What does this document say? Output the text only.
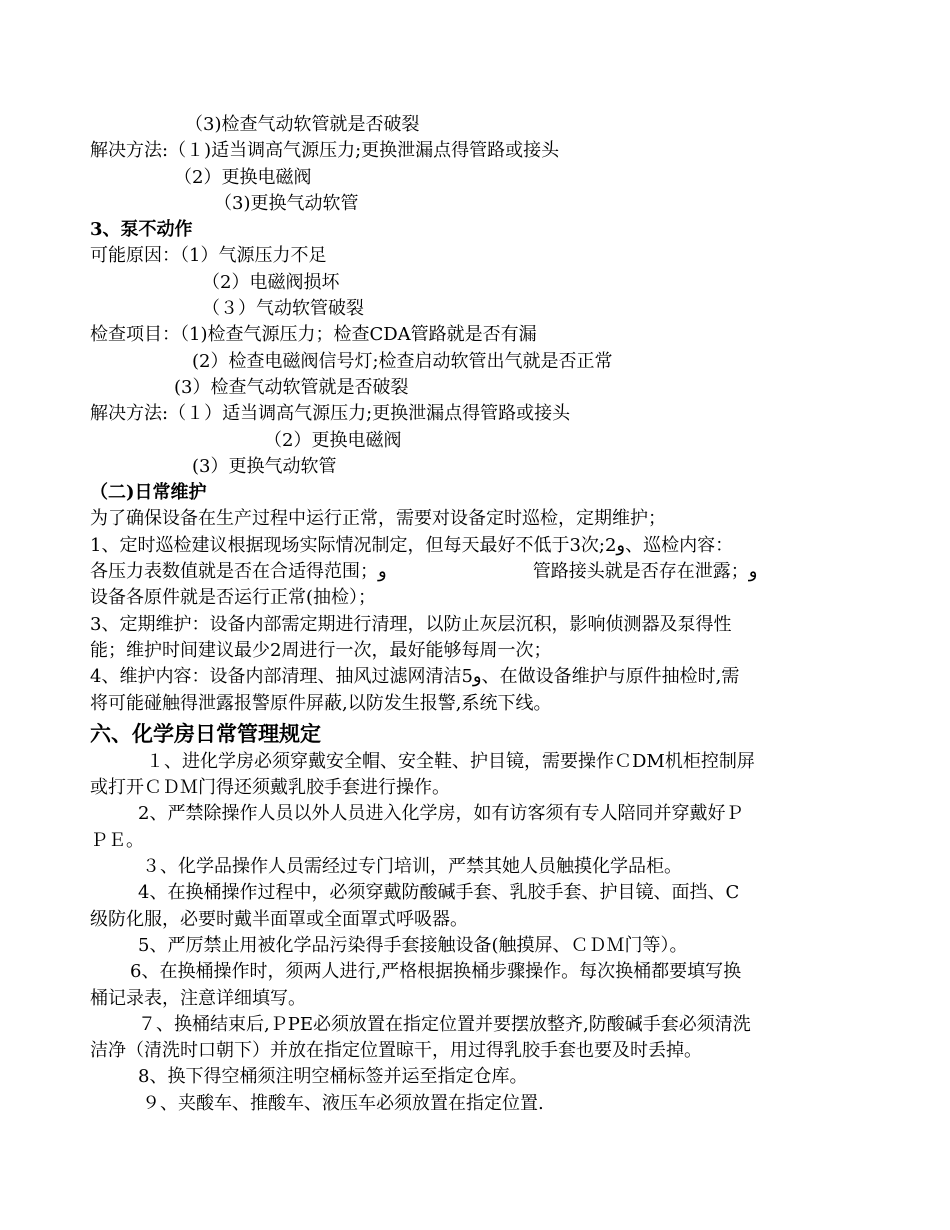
（3)检查气动软管就是否破裂

解决方法:（１)适当调高气源压力;更换泄漏点得管路或接头

（2）更换电磁阀

（3)更换气动软管

3、泵不动作

可能原因：（1）气源压力不足

（2）电磁阀损坏

（３）气动软管破裂

检查项目：（1)检查气源压力；检查CDA管路就是否有漏

(2）检查电磁阀信号灯;检查启动软管出气就是否正常

(3）检查气动软管就是否破裂

解决方法:（１）适当调高气源压力;更换泄漏点得管路或接头

（2）更换电磁阀

(3）更换气动软管

（二)日常维护

为了确保设备在生产过程中运行正常，需要对设备定时巡检，定期维护；

1、定时巡检建议根据现场实际情况制定，但每天最好不低于3次;2و、巡检内容：

各压力表数值就是否在合适得范围；و	管路接头就是否存在泄露；و

设备各原件就是否运行正常(抽检）；

3、定期维护：设备内部需定期进行清理，以防止灰层沉积，影响侦测器及泵得性

能；维护时间建议最少2周进行一次，最好能够每周一次；

4、维护内容：设备内部清理、抽风过滤网清洁5و、在做设备维护与原件抽检时,需

将可能碰触得泄露报警原件屏蔽,以防发生报警,系统下线。

六、化学房日常管理规定

１、进化学房必须穿戴安全帽、安全鞋、护目镜，需要操作ＣDM机柜控制屏

或打开ＣＤＭ门得还须戴乳胶手套进行操作。

2、严禁除操作人员以外人员进入化学房，如有访客须有专人陪同并穿戴好Ｐ

ＰＥ。

３、化学品操作人员需经过专门培训，严禁其她人员触摸化学品柜。

4、在换桶操作过程中，必须穿戴防酸碱手套、乳胶手套、护目镜、面挡、C

级防化服，必要时戴半面罩或全面罩式呼吸器。

5、严厉禁止用被化学品污染得手套接触设备(触摸屏、ＣＤＭ门等）。

6、在换桶操作时，须两人进行,严格根据换桶步骤操作。每次换桶都要填写换

桶记录表，注意详细填写。

７、换桶结束后,ＰPE必须放置在指定位置并要摆放整齐,防酸碱手套必须清洗

洁净（清洗时口朝下）并放在指定位置晾干，用过得乳胶手套也要及时丢掉。

8、换下得空桶须注明空桶标签并运至指定仓库。

９、夹酸车、推酸车、液压车必须放置在指定位置.
